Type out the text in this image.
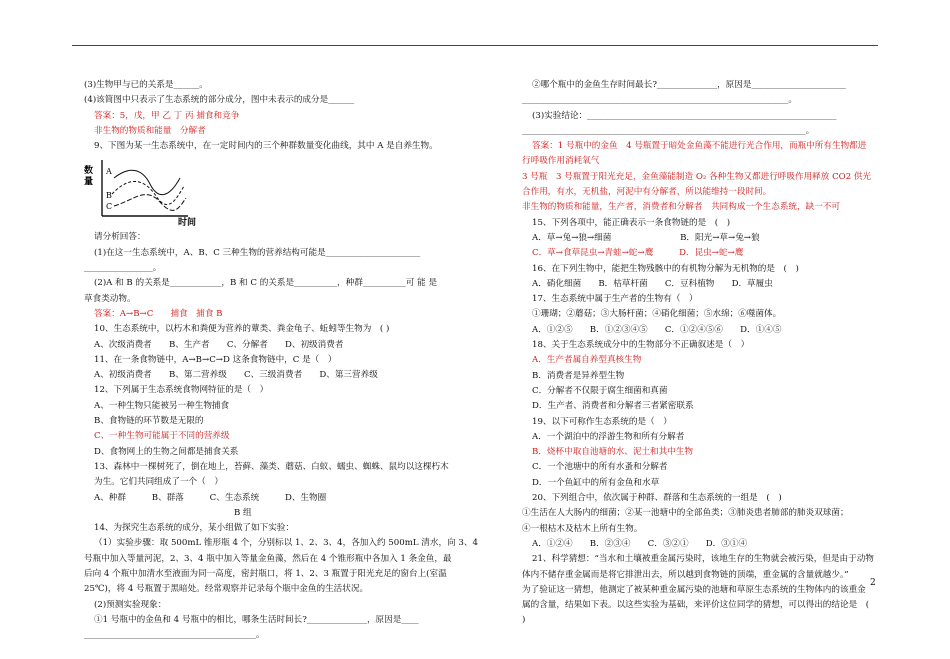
(3)生物甲与已的关系是______。
(4)该简图中只表示了生态系统的部分成分，图中未表示的成分是______
答案：5，戊，甲 乙 丁 丙 捕食和竞争
非生物的物质和能量　分解者
9、下图为某一生态系统中，在一定时间内的三个种群数量变化曲线，其中 A 是自养生物。
数
量
时间
A
B
C
请分析回答：
(1)在这一生态系统中，A、B、C 三种生物的营养结构可能是______________________
________________。
(2)A 和 B 的关系是____________，B 和 C 的关系是__________，种群__________可 能 是
草食类动物。
答案：A→B→C　　捕食　捕食 B
10、生态系统中，以朽木和粪便为营养的蕈类、粪金龟子、蚯蚓等生物为　( )
A、次级消费者　　B、生产者　　C、分解者　　D、初级消费者
11、在一条食物链中，A→B→C→D 这条食物链中，C 是（　）
A、初级消费者　　B、第二营养级　　C、三级消费者　　D、第三营养级
12、下列属于生态系统食物网特征的是（　）
A、一种生物只能被另一种生物捕食
B、食物链的环节数是无限的
C、一种生物可能属于不同的营养级
D、食物网上的生物之间都是捕食关系
13、森林中一棵树死了，倒在地上，苔藓、藻类、蘑菇、白蚁、蠕虫、蜘蛛、鼠均以这棵朽木
为生。它们共同组成了一个（　）
A、种群　　　B、群落　　　C、生态系统　　　D、生物圈
B 组
14、为探究生态系统的成分，某小组做了如下实验：
（1）实验步骤：取 500mL 锥形瓶 4 个，分别标以 1、2、3、4，各加入约 500mL 清水，向 3、4
号瓶中加入等量河泥，2、3、4 瓶中加入等量金鱼藻，然后在 4 个锥形瓶中各加入 1 条金鱼，最
后向 4 个瓶中加清水至液面为同一高度，密封瓶口，将 1、2、3 瓶置于阳光充足的窗台上(室温
25℃)，将 4 号瓶置于黑暗处。经常观察并记录每个瓶中金鱼的生活状况。
(2)预测实验现象：
①1 号瓶中的金鱼和 4 号瓶中的相比，哪条生活时间长?______________，原因是____
________________________________________。
②哪个瓶中的金鱼生存时间最长?______________，原因是______________________
______________________________________________________________。
(3)实验结论：__________________________________________________________
__________________________________________________________________。
答案：1 号瓶中的金鱼　4 号瓶置于暗处金鱼藻不能进行光合作用，而瓶中所有生物都进
行呼吸作用消耗氧气
3 号瓶　3 号瓶置于阳光充足，金鱼藻能制造 O₂ 各种生物又都进行呼吸作用释放 CO2 供光
合作用，有水，无机盐，河泥中有分解者，所以能维持一段时间。
非生物的物质和能量，生产者，消费者和分解者　共同构成一个生态系统，缺一不可
15、下列各项中，能正确表示一条食物链的是　(　)
A．草→兔→狼→细菌　　　　　　　　B．阳光→草→兔→狼
C．草→食草昆虫→青蛙→蛇→鹰　　　D．昆虫→蛇→鹰
16、在下列生物中，能把生物残骸中的有机物分解为无机物的是　(　)
A．硝化细菌　　B．枯草杆菌　　C．豆科植物　　D．草履虫
17、生态系统中属于生产者的生物有（　）
①珊瑚；②蘑菇；③大肠杆菌；④硝化细菌；⑤水绵；⑥噬菌体。
A．①②⑤　　B．①②③④⑤　　C．①②④⑤⑥　　D．①④⑤
18、关于生态系统成分中的生物部分不正确叙述是（　）
A．生产者属自养型真核生物
B．消费者是异养型生物
C．分解者不仅限于腐生细菌和真菌
D．生产者、消费者和分解者三者紧密联系
19、以下可称作生态系统的是（　）
A．一个湖泊中的浮游生物和所有分解者
B．烧杯中取自池塘的水、泥土和其中生物
C．一个池塘中的所有水蚤和分解者
D．一个鱼缸中的所有金鱼和水草
20、下列组合中，依次属于种群、群落和生态系统的一组是　(　)
①生活在人大肠内的细菌；②某一池塘中的全部鱼类；③肺炎患者肺部的肺炎双球菌；
④一根枯木及枯木上所有生物。
A．①②④　　B．②③④　　C．③②①　　D．③①④
21、科学猜想：“当水和土壤被重金属污染时，该地生存的生物就会被污染，但是由于动物
体内不储存重金属而是将它排泄出去，所以越到食物链的顶端，重金属的含量就越少。”
为了验证这一猜想，他测定了被某种重金属污染的池塘和草原生态系统的生物体内的该重金
属的含量，结果如下表。以这些实验为基础，来评价这位同学的猜想，可以得出的结论是　(
)
2
